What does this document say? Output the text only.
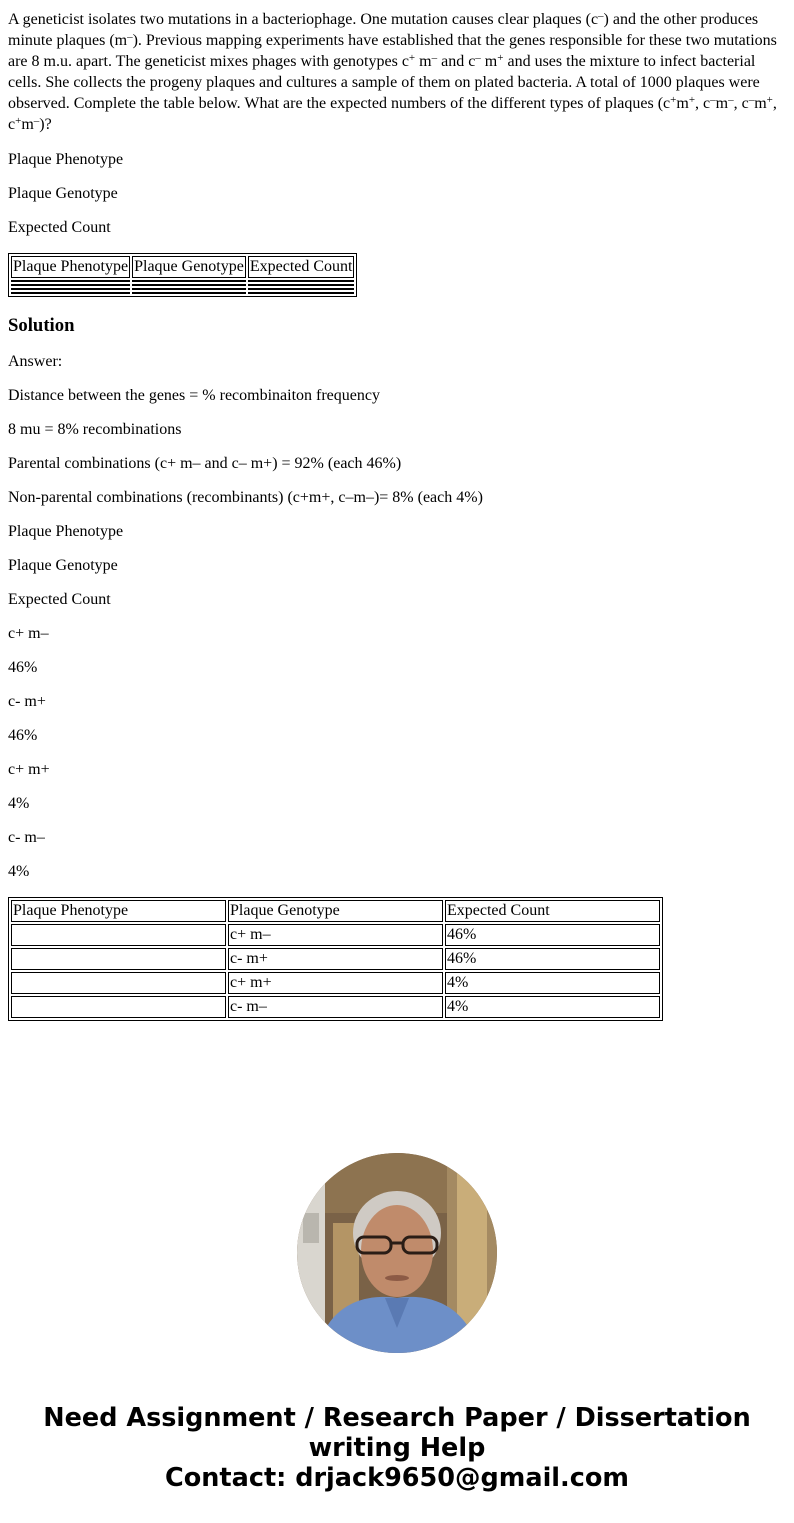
A geneticist isolates two mutations in a bacteriophage. One mutation causes clear plaques (c–) and the other produces minute plaques (m–). Previous mapping experiments have established that the genes responsible for these two mutations are 8 m.u. apart. The geneticist mixes phages with genotypes c+ m– and c– m+ and uses the mixture to infect bacterial cells. She collects the progeny plaques and cultures a sample of them on plated bacteria. A total of 1000 plaques were observed. Complete the table below. What are the expected numbers of the different types of plaques (c+m+, c–m–, c–m+, c+m–)?

Plaque Phenotype

Plaque Genotype

Expected Count

Plaque Phenotype	Plaque Genotype	Expected Count

Solution

Answer:

Distance between the genes = % recombinaiton frequency

8 mu = 8% recombinations

Parental combinations (c+ m– and c– m+) = 92% (each 46%)

Non-parental combinations (recombinants) (c+m+, c–m–)= 8% (each 4%)

Plaque Phenotype

Plaque Genotype

Expected Count

c+ m–

46%

c- m+

46%

c+ m+

4%

c- m–

4%

Plaque Phenotype	Plaque Genotype	Expected Count
	c+ m–	46%
	c- m+	46%
	c+ m+	4%
	c- m–	4%
Need Assignment / Research Paper / Dissertation
writing Help
Contact: drjack9650@gmail.com
